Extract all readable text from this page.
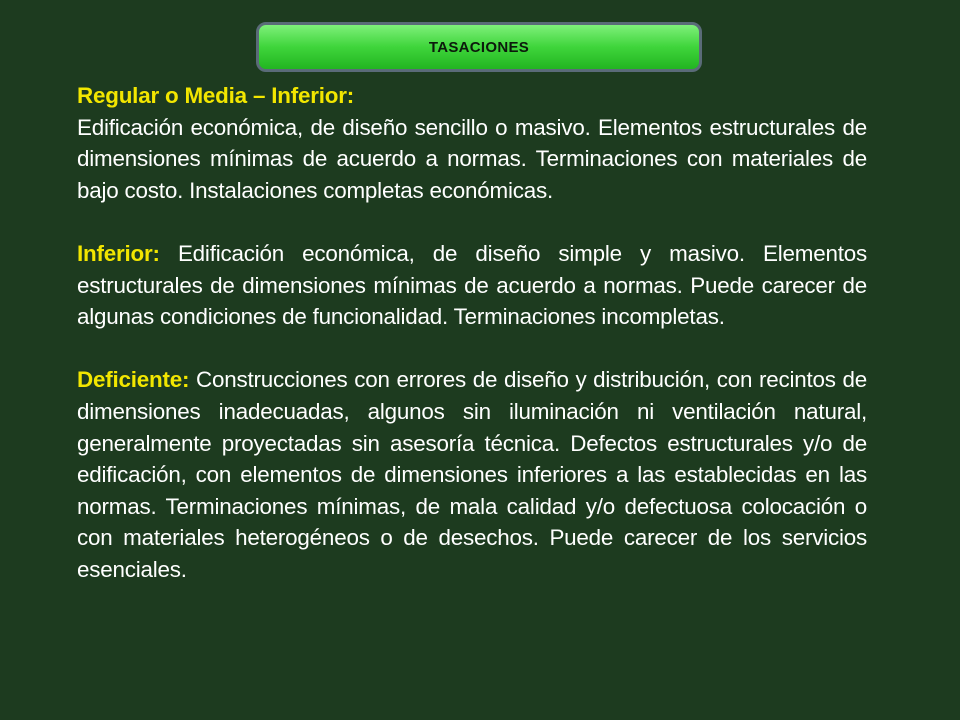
TASACIONES

Regular o Media – Inferior:
Edificación económica, de diseño sencillo o masivo. Elementos estructurales de dimensiones mínimas de acuerdo a normas. Terminaciones con materiales de bajo costo. Instalaciones completas económicas.

Inferior: Edificación económica, de diseño simple y masivo. Elementos estructurales de dimensiones mínimas de acuerdo a normas. Puede carecer de algunas condiciones de funcionalidad. Terminaciones incompletas.

Deficiente: Construcciones con errores de diseño y distribución, con recintos de dimensiones inadecuadas, algunos sin iluminación ni ventilación natural, generalmente proyectadas sin asesoría técnica. Defectos estructurales y/o de edificación, con elementos de dimensiones inferiores a las establecidas en las normas. Terminaciones mínimas, de mala calidad y/o defectuosa colocación o con materiales heterogéneos o de desechos. Puede carecer de los servicios esenciales.
